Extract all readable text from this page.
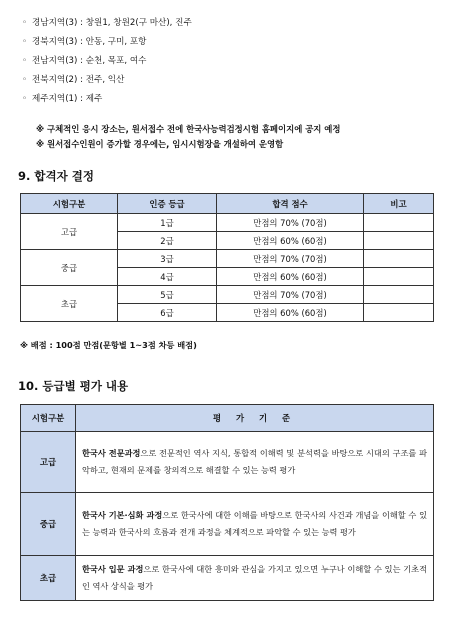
◦ 경남지역(3) : 창원1, 창원2(구 마산), 진주
◦ 경북지역(3) : 안동, 구미, 포항
◦ 전남지역(3) : 순천, 목포, 여수
◦ 전북지역(2) : 전주, 익산
◦ 제주지역(1) : 제주
※ 구체적인 응시 장소는, 원서접수 전에 한국사능력검정시험 홈페이지에 공지 예정
※ 원서접수인원이 증가할 경우에는, 임시시험장을 개설하여 운영함
9. 합격자 결정
시험구분	인증 등급	합격 점수	비고
고급	1급	만점의 70% (70점)	
	2급	만점의 60% (60점)	
중급	3급	만점의 70% (70점)	
	4급	만점의 60% (60점)	
초급	5급	만점의 70% (70점)	
	6급	만점의 60% (60점)	
※ 배점 : 100점 만점(문항별 1~3점 차등 배점)
10. 등급별 평가 내용
시험구분	평 가 기 준
고급	한국사 전문과정으로 전문적인 역사 지식, 통합적 이해력 및 분석력을 바탕으로 시대의 구조를 파악하고, 현재의 문제를 창의적으로 해결할 수 있는 능력 평가
중급	한국사 기본·심화 과정으로 한국사에 대한 이해를 바탕으로 한국사의 사건과 개념을 이해할 수 있는 능력과 한국사의 흐름과 전개 과정을 체계적으로 파악할 수 있는 능력 평가
초급	한국사 입문 과정으로 한국사에 대한 흥미와 관심을 가지고 있으면 누구나 이해할 수 있는 기초적인 역사 상식을 평가
